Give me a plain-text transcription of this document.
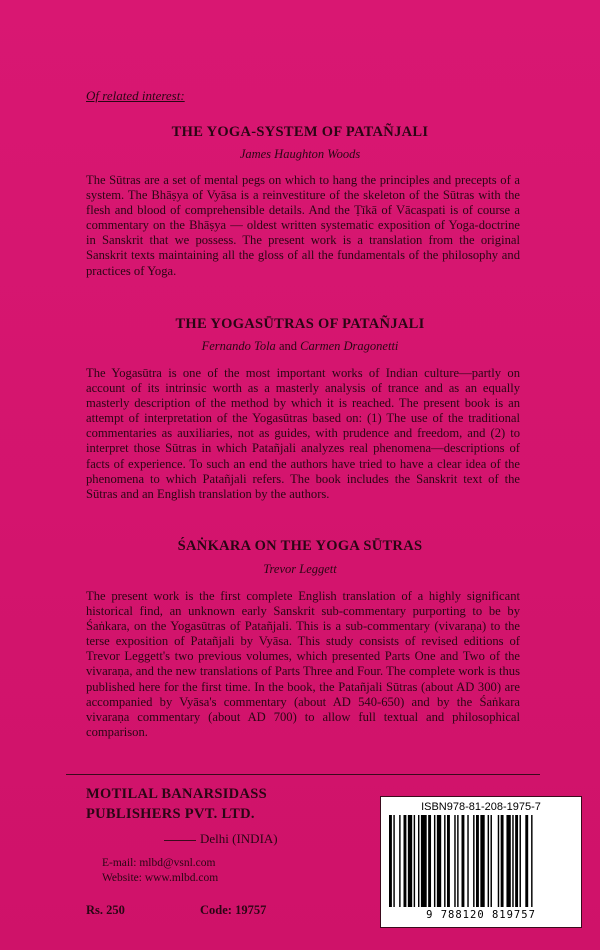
Of related interest:
THE YOGA-SYSTEM OF PATAÑJALI
James Haughton Woods
The Sūtras are a set of mental pegs on which to hang the principles and precepts of a system. The Bhāṣya of Vyāsa is a reinvestiture of the skeleton of the Sūtras with the flesh and blood of comprehensible details. And the Ṭīkā of Vācaspati is of course a commentary on the Bhāṣya — oldest written systematic exposition of Yoga-doctrine in Sanskrit that we possess. The present work is a translation from the original Sanskrit texts maintaining all the gloss of all the fundamentals of the philosophy and practices of Yoga.
THE YOGASŪTRAS OF PATAÑJALI
Fernando Tola and Carmen Dragonetti
The Yogasūtra is one of the most important works of Indian culture—partly on account of its intrinsic worth as a masterly analysis of trance and as an equally masterly description of the method by which it is reached. The present book is an attempt of interpretation of the Yogasūtras based on: (1) The use of the traditional commentaries as auxiliaries, not as guides, with prudence and freedom, and (2) to interpret those Sūtras in which Patañjali analyzes real phenomena—descriptions of facts of experience. To such an end the authors have tried to have a clear idea of the phenomena to which Patañjali refers. The book includes the Sanskrit text of the Sūtras and an English translation by the authors.
ŚAṄKARA ON THE YOGA SŪTRAS
Trevor Leggett
The present work is the first complete English translation of a highly significant historical find, an unknown early Sanskrit sub-commentary purporting to be by Śaṅkara, on the Yogasūtras of Patañjali. This is a sub-commentary (vivaraṇa) to the terse exposition of Patañjali by Vyāsa. This study consists of revised editions of Trevor Leggett's two previous volumes, which presented Parts One and Two of the vivaraṇa, and the new translations of Parts Three and Four. The complete work is thus published here for the first time. In the book, the Patañjali Sūtras (about AD 300) are accompanied by Vyāsa's commentary (about AD 540-650) and by the Śaṅkara vivaraṇa commentary (about AD 700) to allow full textual and philosophical comparison.
MOTILAL BANARSIDASS
PUBLISHERS PVT. LTD.
Delhi (INDIA)
E-mail: mlbd@vsnl.com
Website: www.mlbd.com
Rs. 250	Code: 19757
ISBN978-81-208-1975-7
9 788120 819757
